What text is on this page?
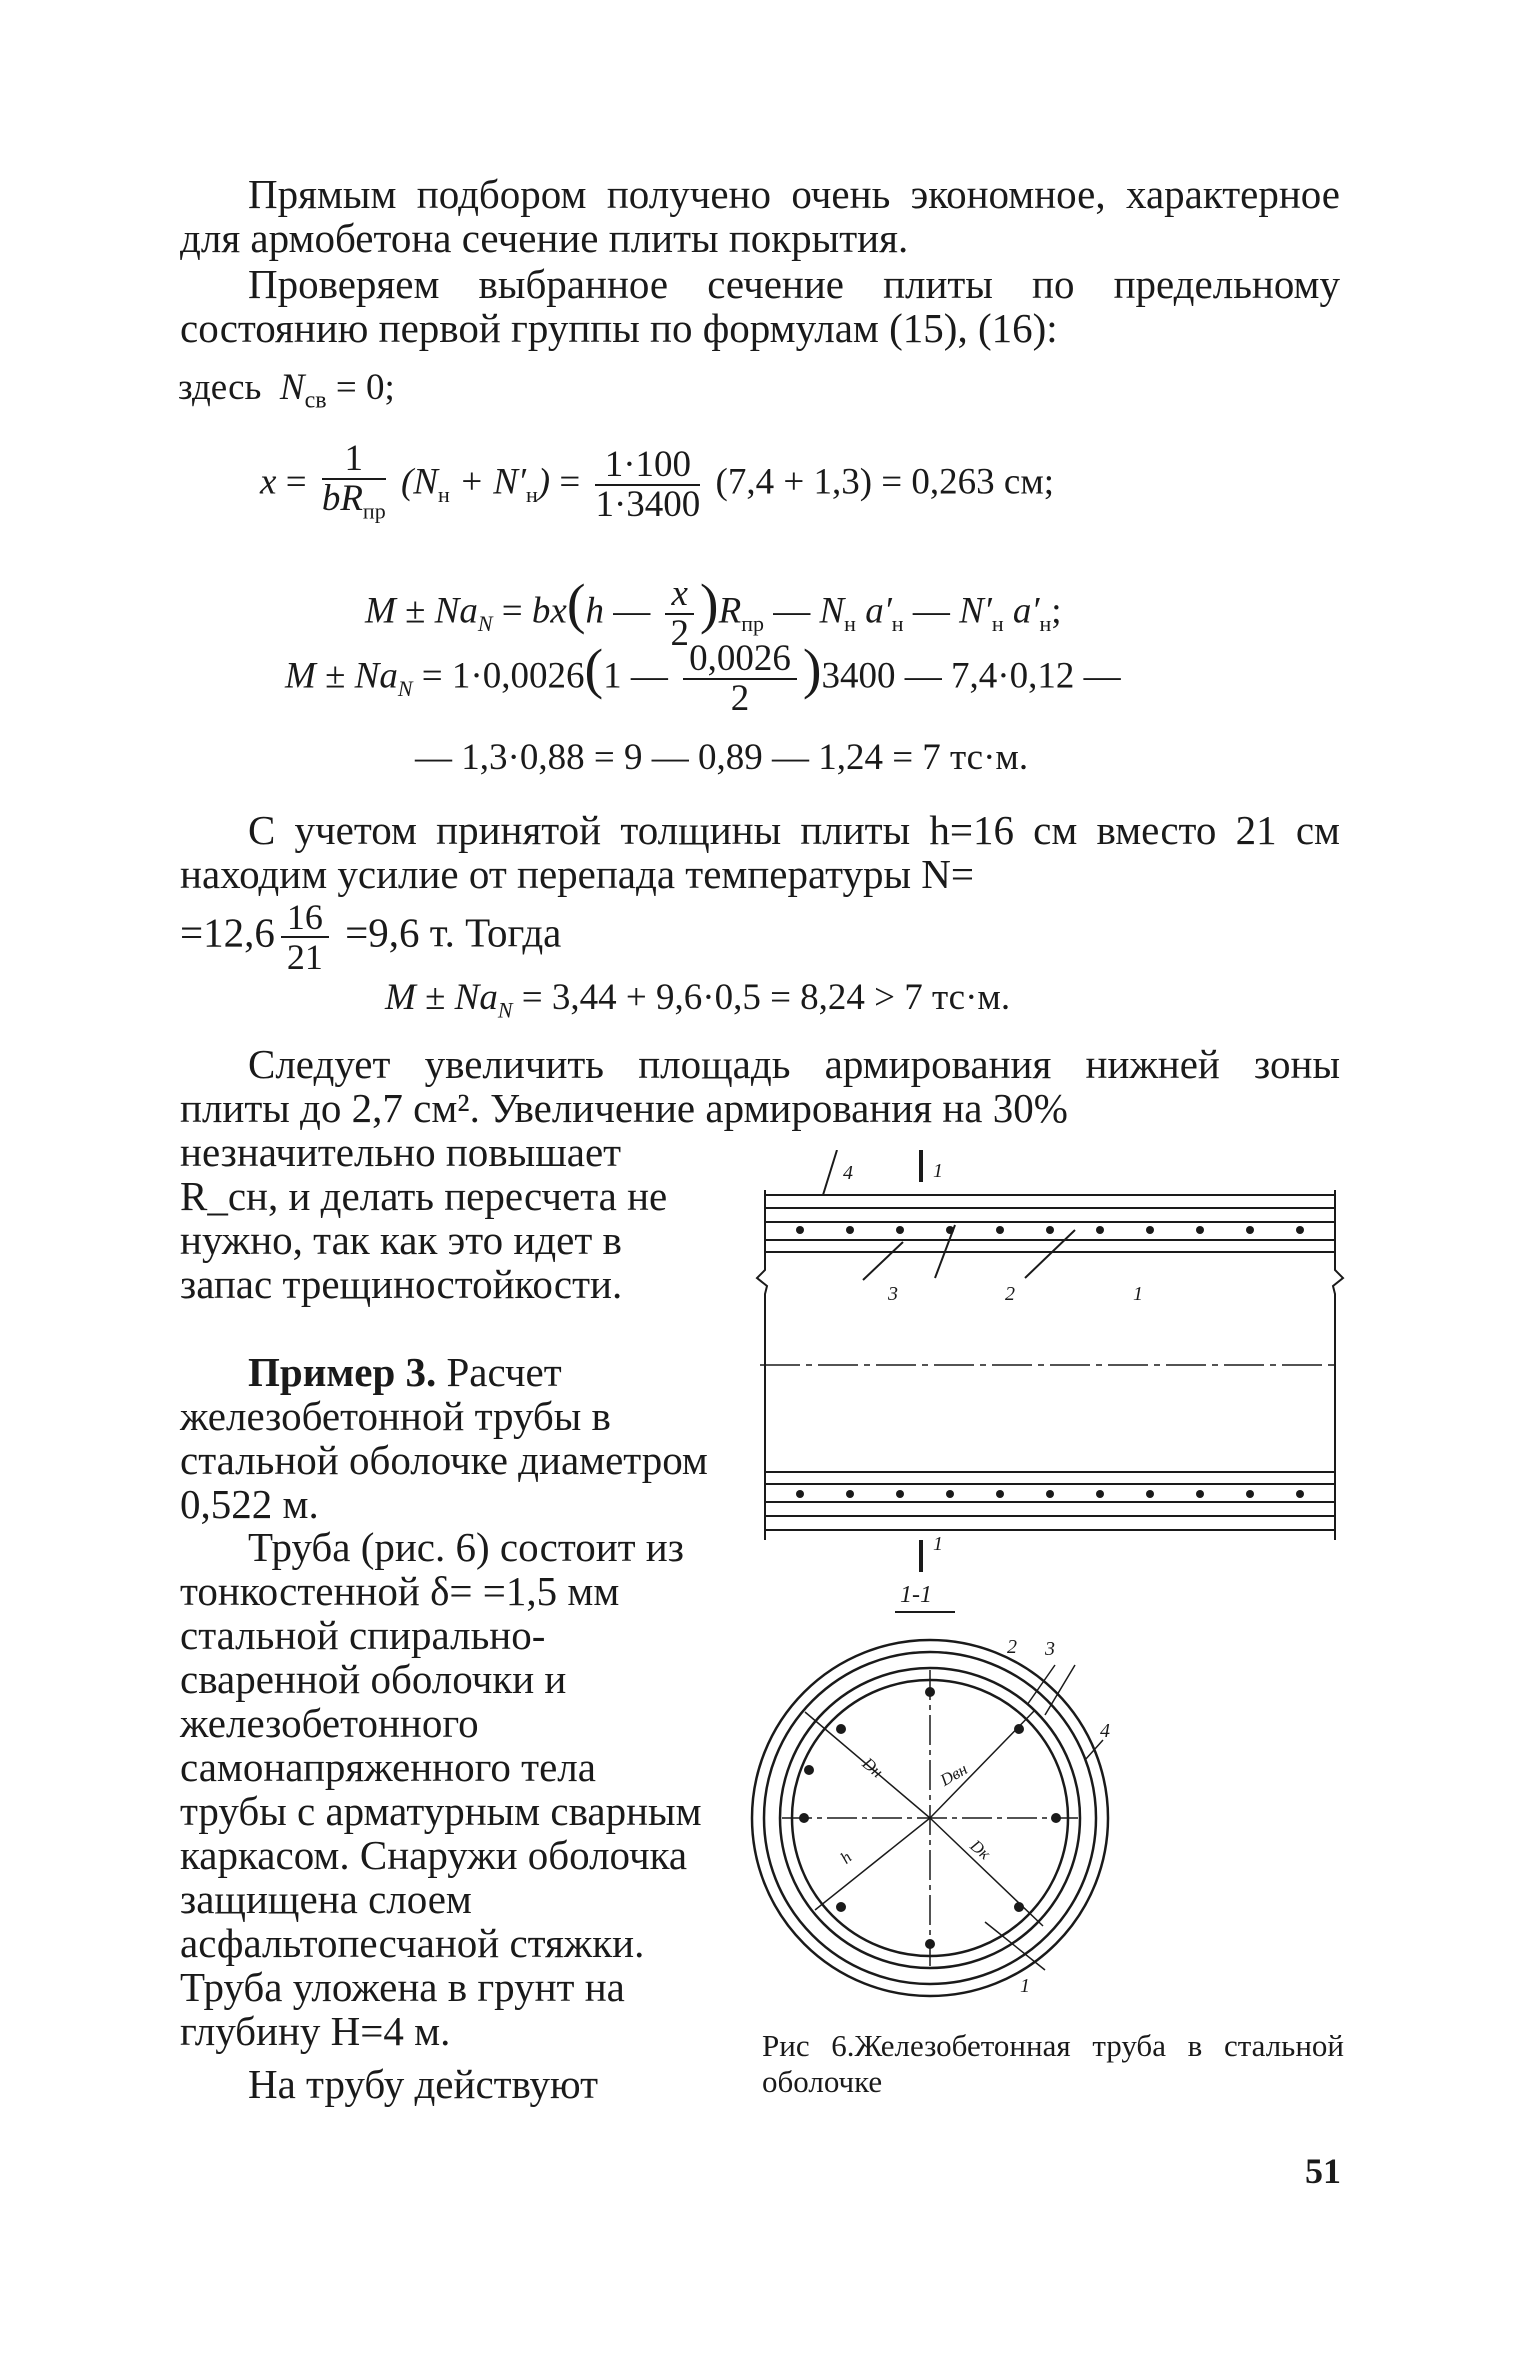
Прямым подбором получено очень экономное, характерное для армобетона сечение плиты покрытия.
Проверяем выбранное сечение плиты по предельному состоянию первой группы по формулам (15), (16):
здесь  $N_{св} = 0$;
$x = \frac{1}{bR_{пр}} (N_н + N'_н) = \frac{1\cdot 100}{1\cdot 3400} (7,4 + 1,3) = 0,263$ см;
$M \pm Na_N = bx(h$ — $\frac{x}{2} )R_{пр}$ — $N_н$ $a'_н$ — $N'_н$ $a'_н$;
$M \pm Na_N = 1\cdot 0,0026(1$ — $\frac{0,0026}{2} )3400$ — 7,4·0,12 —
— 1,3·0,88 = 9 — 0,89 — 1,24 = 7 тс·м.
С учетом принятой толщины плиты h=16 см вместо 21 см находим усилие от перепада температуры N=
$=12,6 \frac{16}{21} =9,6$ т. Тогда
$M \pm Na_N = 3,44 + 9,6\cdot 0,5 = 8,24 > 7$ тс·м.
Следует увеличить площадь армирования нижней зоны плиты до 2,7 см². Увеличение армирования на 30%
незначительно повышает R_сн, и делать пересчета не нужно, так как это идет в запас трещиностойкости.
Пример 3. Расчет железобетонной трубы в стальной оболочке диаметром 0,522 м.
Труба (рис. 6) состоит из тонкостенной δ= =1,5 мм стальной спирально-сваренной оболочки и железобетонного самонапряженного тела трубы с арматурным сварным каркасом. Снаружи оболочка защищена слоем асфальтопесчаной стяжки. Труба уложена в грунт на глубину H=4 м.
На трубу действуют
4	1
3	2	1
1
1-1
2 3
4
1
Dн	Dвн
Dк
h
Рис 6.Железобетонная труба в стальной оболочке
51
